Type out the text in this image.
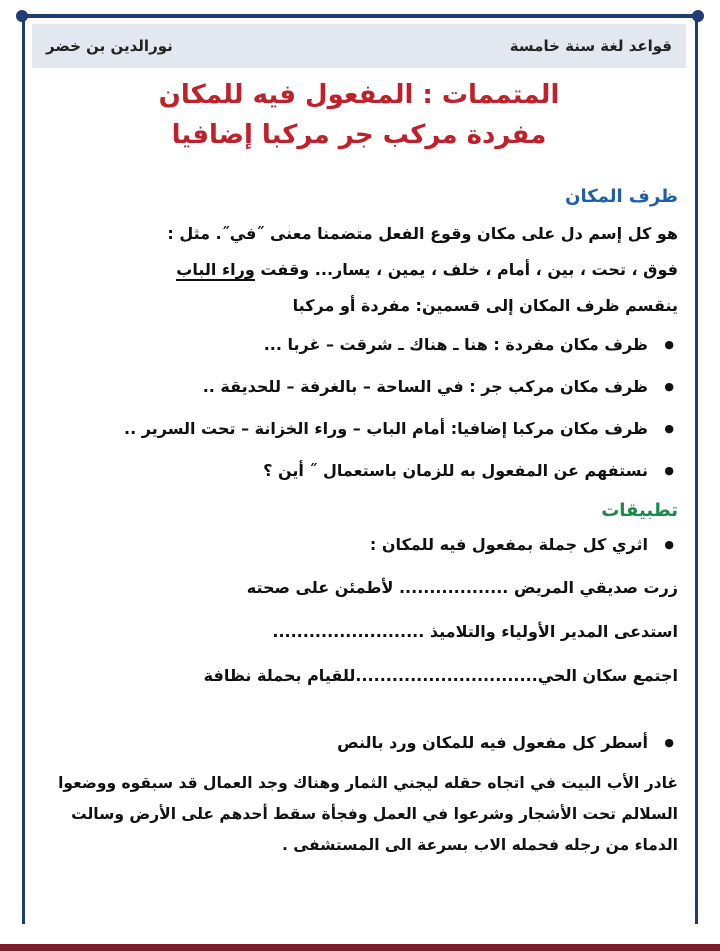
نورالدين بن خضر	قواعد لغة سنة خامسة
المتممات : المفعول فيه للمكان
مفردة مركب جر مركبا إضافيا
ظرف المكان
هو كل إسم دل على مكان وقوع الفعل متضمنا معنى ˝في˝. مثل :
فوق ، تحت ، بين ، أمام ، خلف ، يمين ، يسار... وقفت وراء الباب
ينقسم ظرف المكان إلى قسمين: مفردة أو مركبا
● ظرف مكان مفردة : هنا ـ هناك ـ شرقت – غربا ...
● ظرف مكان مركب جر : في الساحة – بالغرفة – للحديقة ..
● ظرف مكان مركبا إضافيا: أمام الباب – وراء الخزانة – تحت السرير ..
● نستفهم عن المفعول به للزمان باستعمال ˝ أين ؟
تطبيقات
● اثري كل جملة بمفعول فيه للمكان :
زرت صديقي المريض .................. لأطمئن على صحته
استدعى المدير الأولياء والتلاميذ .........................
اجتمع سكان الحي..............................للقيام بحملة نظافة
● أسطر كل مفعول فيه للمكان ورد بالنص
غادر الأب البيت في اتجاه حقله ليجني الثمار وهناك وجد العمال قد سبقوه ووضعوا السلالم تحت الأشجار وشرعوا في العمل وفجأة سقط أحدهم على الأرض وسالت الدماء من رجله فحمله الاب بسرعة الى المستشفى .
